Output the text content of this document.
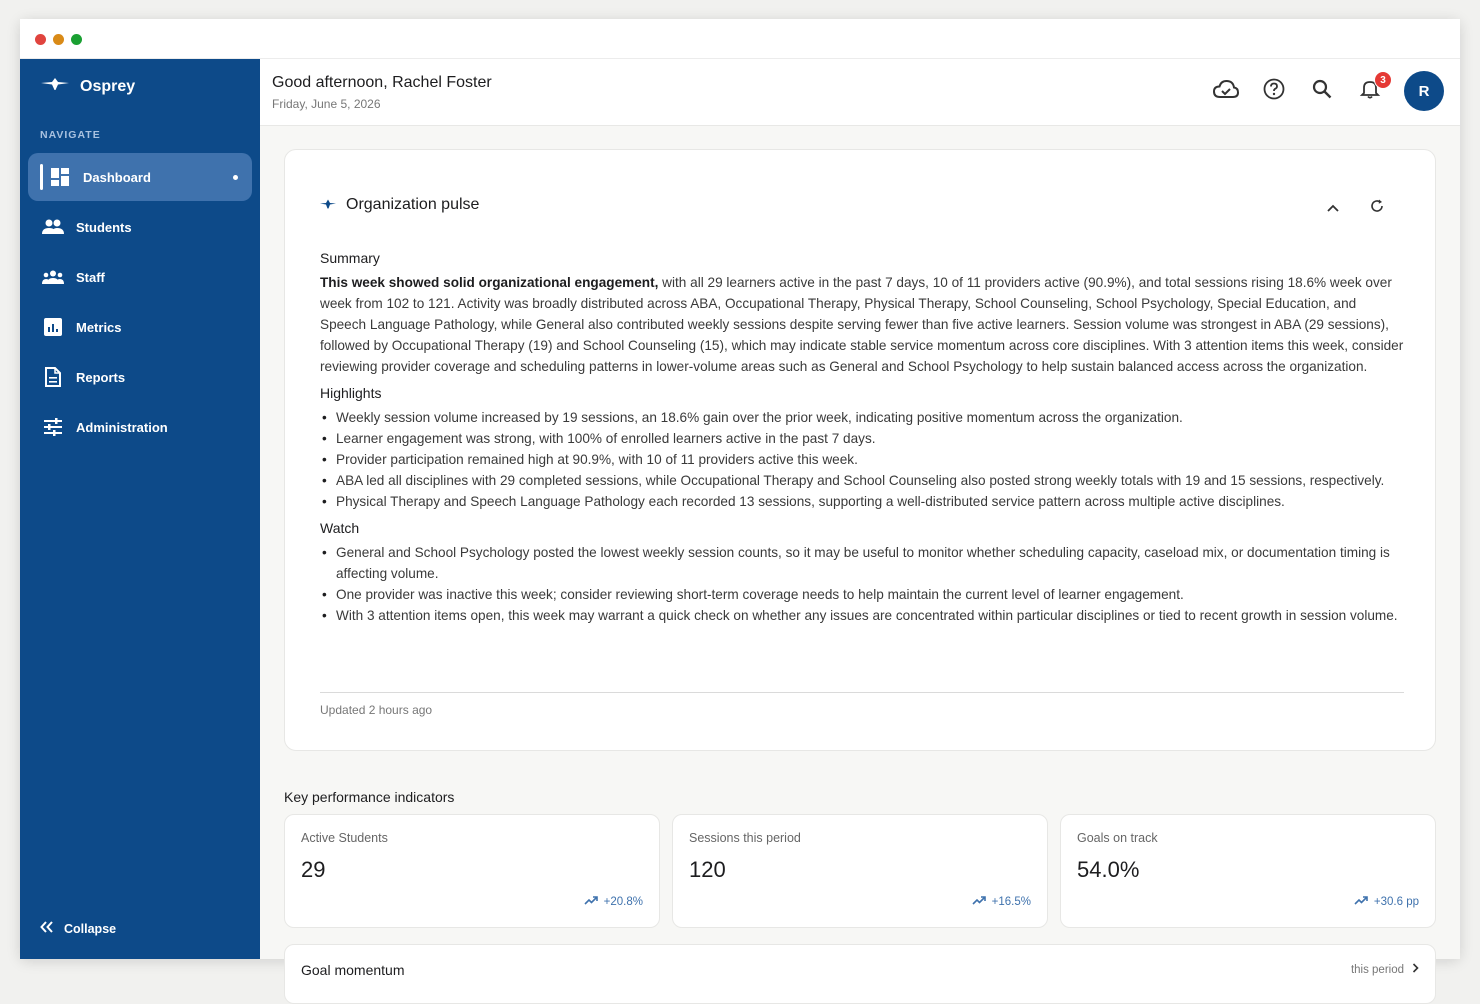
Osprey
NAVIGATE
Dashboard
Students
Staff
Metrics
Reports
Administration
Collapse
Good afternoon, Rachel Foster
Friday, June 5, 2026
3
R
Organization pulse
Summary

This week showed solid organizational engagement, with all 29 learners active in the past 7 days, 10 of 11 providers active (90.9%), and total sessions rising 18.6% week over week from 102 to 121. Activity was broadly distributed across ABA, Occupational Therapy, Physical Therapy, School Counseling, School Psychology, Special Education, and Speech Language Pathology, while General also contributed weekly sessions despite serving fewer than five active learners. Session volume was strongest in ABA (29 sessions), followed by Occupational Therapy (19) and School Counseling (15), which may indicate stable service momentum across core disciplines. With 3 attention items this week, consider reviewing provider coverage and scheduling patterns in lower-volume areas such as General and School Psychology to help sustain balanced access across the organization.

Highlights
• Weekly session volume increased by 19 sessions, an 18.6% gain over the prior week, indicating positive momentum across the organization.
• Learner engagement was strong, with 100% of enrolled learners active in the past 7 days.
• Provider participation remained high at 90.9%, with 10 of 11 providers active this week.
• ABA led all disciplines with 29 completed sessions, while Occupational Therapy and School Counseling also posted strong weekly totals with 19 and 15 sessions, respectively.
• Physical Therapy and Speech Language Pathology each recorded 13 sessions, supporting a well-distributed service pattern across multiple active disciplines.
Watch
• General and School Psychology posted the lowest weekly session counts, so it may be useful to monitor whether scheduling capacity, caseload mix, or documentation timing is affecting volume.
• One provider was inactive this week; consider reviewing short-term coverage needs to help maintain the current level of learner engagement.
• With 3 attention items open, this week may warrant a quick check on whether any issues are concentrated within particular disciplines or tied to recent growth in session volume.
Updated 2 hours ago
Key performance indicators
Active Students
29
+20.8%
Sessions this period
120
+16.5%
Goals on track
54.0%
+30.6 pp
Goal momentum	this period
